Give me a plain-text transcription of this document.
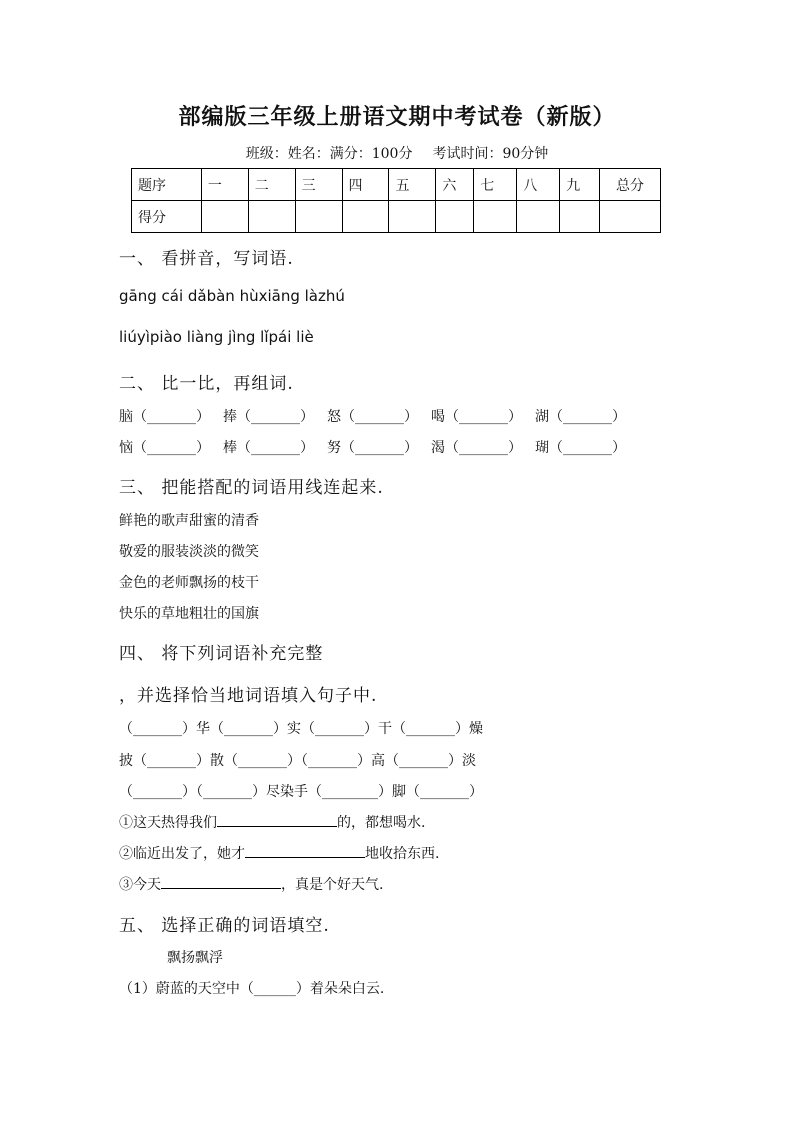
部编版三年级上册语文期中考试卷（新版）
班级：姓名：满分：100分 考试时间：90分钟
题序	一	二	三	四	五	六	七	八	九	总分
得分										
一、 看拼音，写词语.
gāng cái dǎbàn hùxiāng làzhú
liúyìpiào liàng jìng lǐpái liè
二、 比一比，再组词.
脑（_______） 捧（_______） 怒（_______） 喝（_______） 湖（_______）
恼（_______） 棒（_______） 努（_______） 渴（_______） 瑚（_______）
三、 把能搭配的词语用线连起来.
鲜艳的歌声甜蜜的清香
敬爱的服装淡淡的微笑
金色的老师飘扬的枝干
快乐的草地粗壮的国旗
四、 将下列词语补充完整
，并选择恰当地词语填入句子中.
（_______）华（_______）实（_______）干（_______）燥
披（_______）散（_______）（_______）高（_______）淡
（_______）（_______）尽染手（________）脚（_______）
①这天热得我们	的，都想喝水.
②临近出发了，她才	地收拾东西.
③今天	，真是个好天气.
五、 选择正确的词语填空.
飘扬飘浮
（1）蔚蓝的天空中（______）着朵朵白云.
